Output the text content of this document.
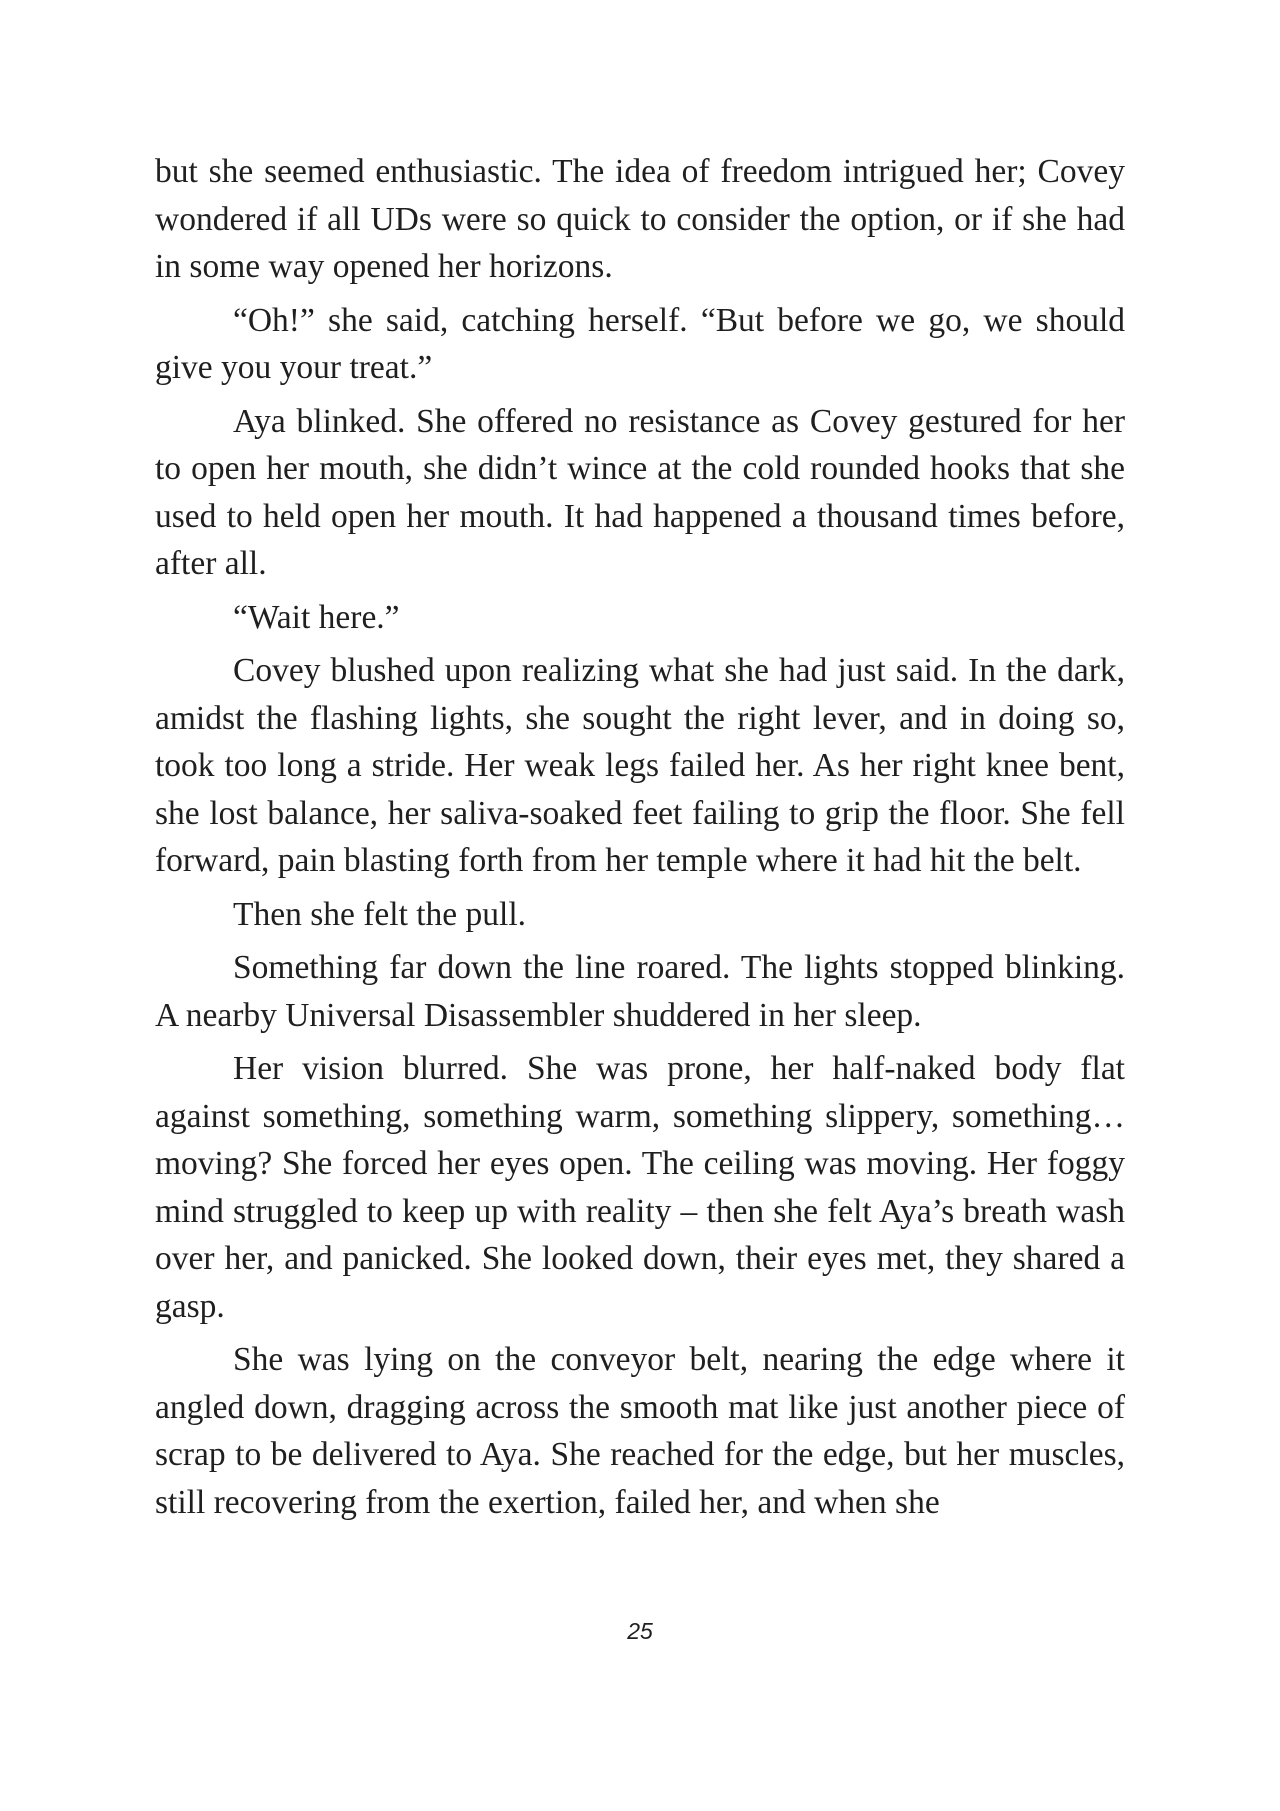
but she seemed enthusiastic. The idea of freedom intrigued her; Covey wondered if all UDs were so quick to consider the option, or if she had in some way opened her horizons.

“Oh!” she said, catching herself. “But before we go, we should give you your treat.”

Aya blinked. She offered no resistance as Covey gestured for her to open her mouth, she didn’t wince at the cold rounded hooks that she used to held open her mouth. It had happened a thousand times before, after all.

“Wait here.”

Covey blushed upon realizing what she had just said. In the dark, amidst the flashing lights, she sought the right lever, and in doing so, took too long a stride. Her weak legs failed her. As her right knee bent, she lost balance, her saliva-soaked feet failing to grip the floor. She fell forward, pain blasting forth from her temple where it had hit the belt.

Then she felt the pull.

Something far down the line roared. The lights stopped blinking. A nearby Universal Disassembler shuddered in her sleep.

Her vision blurred. She was prone, her half-naked body flat against something, something warm, something slippery, something… moving? She forced her eyes open. The ceiling was moving. Her foggy mind struggled to keep up with reality – then she felt Aya’s breath wash over her, and panicked. She looked down, their eyes met, they shared a gasp.

She was lying on the conveyor belt, nearing the edge where it angled down, dragging across the smooth mat like just another piece of scrap to be delivered to Aya. She reached for the edge, but her muscles, still recovering from the exertion, failed her, and when she

25
